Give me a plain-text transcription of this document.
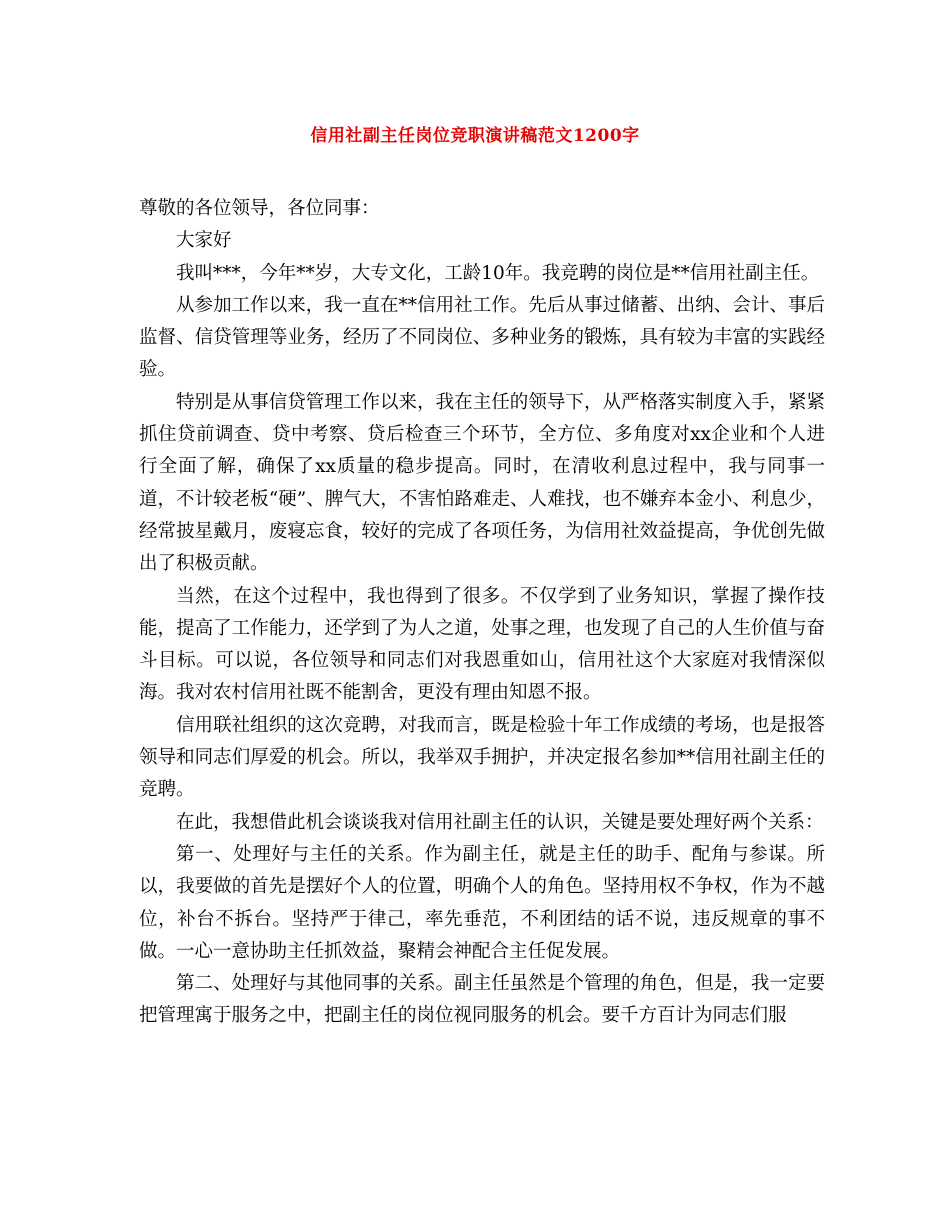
信用社副主任岗位竞职演讲稿范文1200字

尊敬的各位领导，各位同事：

大家好

我叫***，今年**岁，大专文化，工龄10年。我竞聘的岗位是**信用社副主任。

从参加工作以来，我一直在**信用社工作。先后从事过储蓄、出纳、会计、事后监督、信贷管理等业务，经历了不同岗位、多种业务的锻炼，具有较为丰富的实践经验。

特别是从事信贷管理工作以来，我在主任的领导下，从严格落实制度入手，紧紧抓住贷前调查、贷中考察、贷后检查三个环节，全方位、多角度对xx企业和个人进行全面了解，确保了xx质量的稳步提高。同时，在清收利息过程中，我与同事一道，不计较老板“硬”、脾气大，不害怕路难走、人难找，也不嫌弃本金小、利息少，经常披星戴月，废寝忘食，较好的完成了各项任务，为信用社效益提高，争优创先做出了积极贡献。

当然，在这个过程中，我也得到了很多。不仅学到了业务知识，掌握了操作技能，提高了工作能力，还学到了为人之道，处事之理，也发现了自己的人生价值与奋斗目标。可以说，各位领导和同志们对我恩重如山，信用社这个大家庭对我情深似海。我对农村信用社既不能割舍，更没有理由知恩不报。

信用联社组织的这次竞聘，对我而言，既是检验十年工作成绩的考场，也是报答领导和同志们厚爱的机会。所以，我举双手拥护，并决定报名参加**信用社副主任的竞聘。

在此，我想借此机会谈谈我对信用社副主任的认识，关键是要处理好两个关系：

第一、处理好与主任的关系。作为副主任，就是主任的助手、配角与参谋。所以，我要做的首先是摆好个人的位置，明确个人的角色。坚持用权不争权，作为不越位，补台不拆台。坚持严于律己，率先垂范，不利团结的话不说，违反规章的事不做。一心一意协助主任抓效益，聚精会神配合主任促发展。

第二、处理好与其他同事的关系。副主任虽然是个管理的角色，但是，我一定要把管理寓于服务之中，把副主任的岗位视同服务的机会。要千方百计为同志们服
